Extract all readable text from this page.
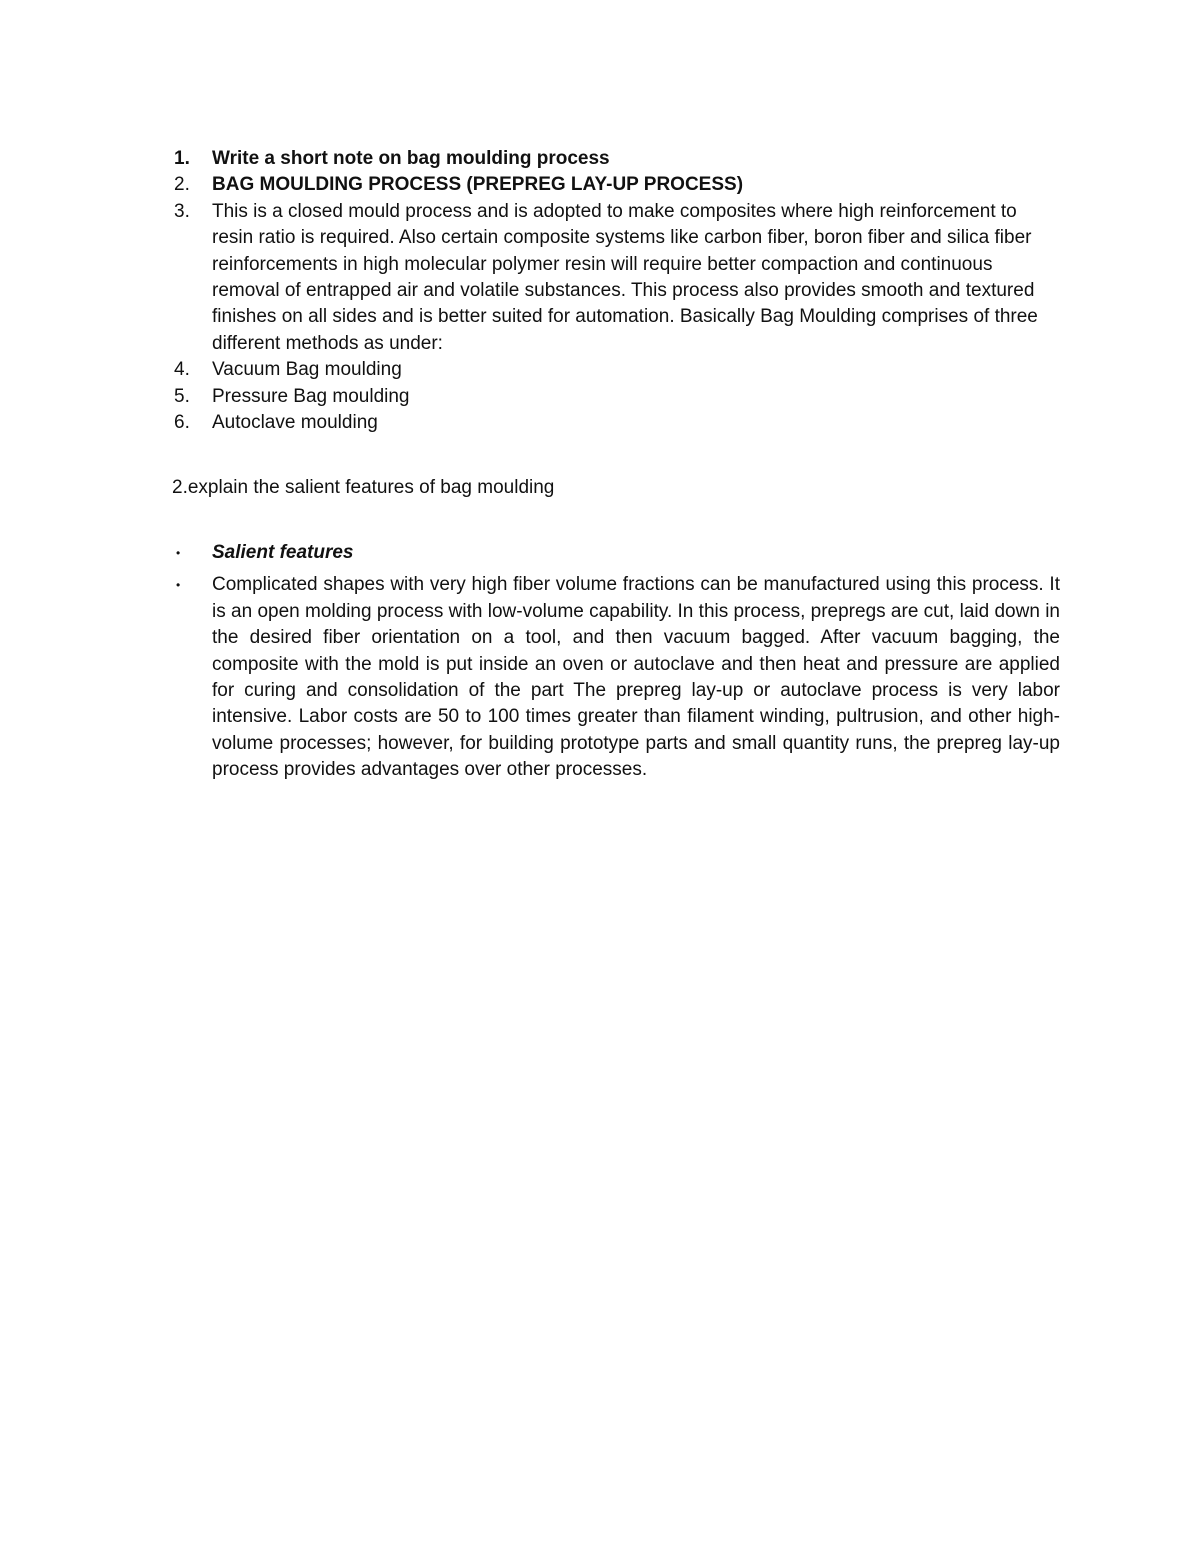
1. Write a short note on bag moulding process
2. BAG MOULDING PROCESS (PREPREG LAY-UP PROCESS)
3. This is a closed mould process and is adopted to make composites where high reinforcement to resin ratio is required. Also certain composite systems like carbon fiber, boron fiber and silica fiber reinforcements in high molecular polymer resin will require better compaction and continuous removal of entrapped air and volatile substances. This process also provides smooth and textured finishes on all sides and is better suited for automation. Basically Bag Moulding comprises of three different methods as under:
4. Vacuum Bag moulding
5. Pressure Bag moulding
6. Autoclave moulding
2.explain the salient features of bag moulding
• Salient features
• Complicated shapes with very high fiber volume fractions can be manufactured using this process. It is an open molding process with low-volume capability. In this process, prepregs are cut, laid down in the desired fiber orientation on a tool, and then vacuum bagged. After vacuum bagging, the composite with the mold is put inside an oven or autoclave and then heat and pressure are applied for curing and consolidation of the part The prepreg lay-up or autoclave process is very labor intensive. Labor costs are 50 to 100 times greater than filament winding, pultrusion, and other high-volume processes; however, for building prototype parts and small quantity runs, the prepreg lay-up process provides advantages over other processes.
